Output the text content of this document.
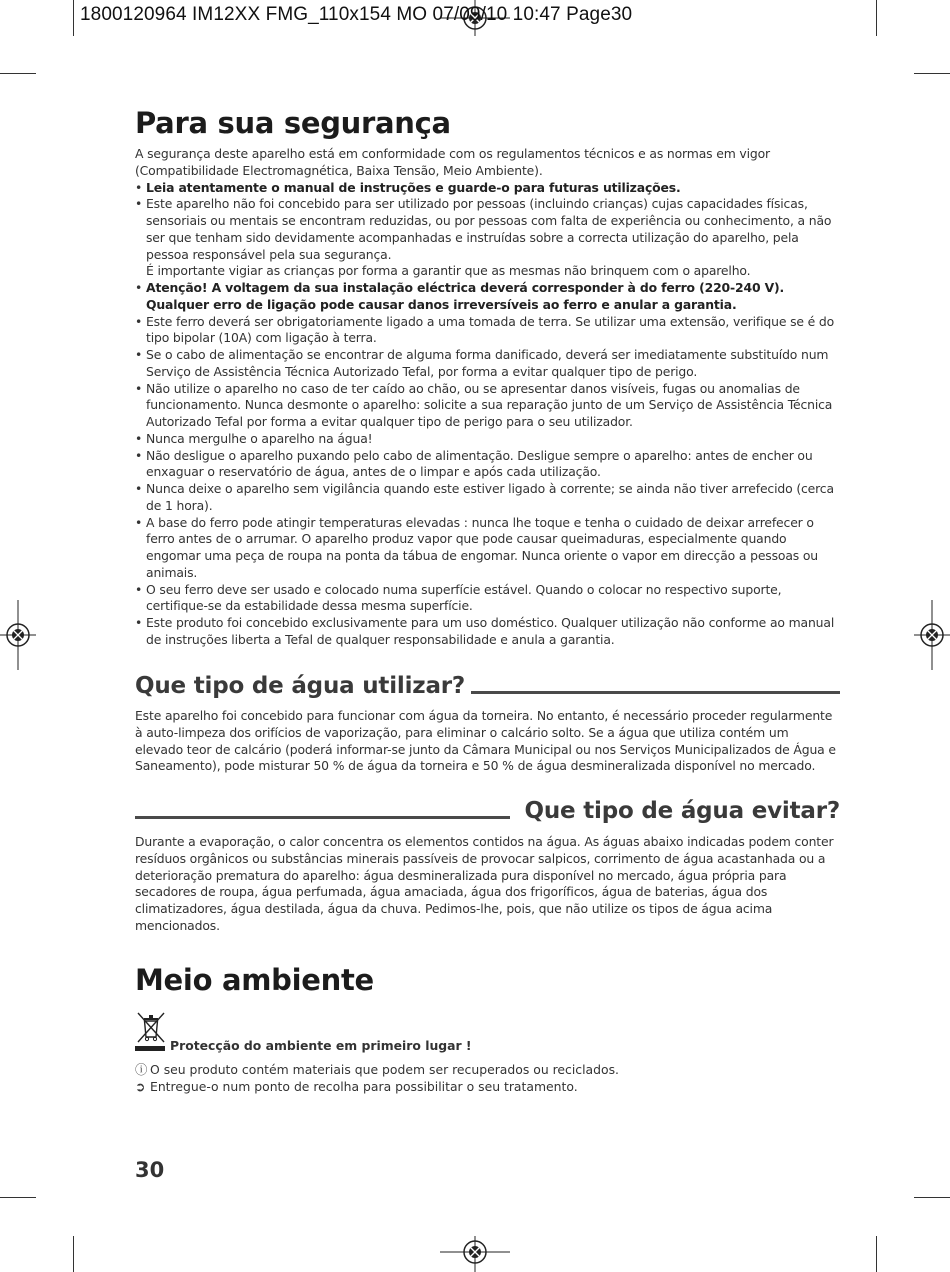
1800120964 IM12XX FMG_110x154 MO 07/09/10 10:47 Page30
Para sua segurança

A segurança deste aparelho está em conformidade com os regulamentos técnicos e as normas em vigor (Compatibilidade Electromagnética, Baixa Tensão, Meio Ambiente).

• Leia atentamente o manual de instruções e guarde-o para futuras utilizações.
• Este aparelho não foi concebido para ser utilizado por pessoas (incluindo crianças) cujas capacidades físicas, sensoriais ou mentais se encontram reduzidas, ou por pessoas com falta de experiência ou conhecimento, a não ser que tenham sido devidamente acompanhadas e instruídas sobre a correcta utilização do aparelho, pela pessoa responsável pela sua segurança.
É importante vigiar as crianças por forma a garantir que as mesmas não brinquem com o aparelho.
• Atenção! A voltagem da sua instalação eléctrica deverá corresponder à do ferro (220-240 V). Qualquer erro de ligação pode causar danos irreversíveis ao ferro e anular a garantia.
• Este ferro deverá ser obrigatoriamente ligado a uma tomada de terra. Se utilizar uma extensão, verifique se é do tipo bipolar (10A) com ligação à terra.
• Se o cabo de alimentação se encontrar de alguma forma danificado, deverá ser imediatamente substituído num Serviço de Assistência Técnica Autorizado Tefal, por forma a evitar qualquer tipo de perigo.
• Não utilize o aparelho no caso de ter caído ao chão, ou se apresentar danos visíveis, fugas ou anomalias de funcionamento. Nunca desmonte o aparelho: solicite a sua reparação junto de um Serviço de Assistência Técnica Autorizado Tefal por forma a evitar qualquer tipo de perigo para o seu utilizador.
• Nunca mergulhe o aparelho na água!
• Não desligue o aparelho puxando pelo cabo de alimentação. Desligue sempre o aparelho: antes de encher ou enxaguar o reservatório de água, antes de o limpar e após cada utilização.
• Nunca deixe o aparelho sem vigilância quando este estiver ligado à corrente; se ainda não tiver arrefecido (cerca de 1 hora).
• A base do ferro pode atingir temperaturas elevadas : nunca lhe toque e tenha o cuidado de deixar arrefecer o ferro antes de o arrumar. O aparelho produz vapor que pode causar queimaduras, especialmente quando engomar uma peça de roupa na ponta da tábua de engomar. Nunca oriente o vapor em direcção a pessoas ou animais.
• O seu ferro deve ser usado e colocado numa superfície estável. Quando o colocar no respectivo suporte, certifique-se da estabilidade dessa mesma superfície.
• Este produto foi concebido exclusivamente para um uso doméstico. Qualquer utilização não conforme ao manual de instruções liberta a Tefal de qualquer responsabilidade e anula a garantia.
Que tipo de água utilizar?

Este aparelho foi concebido para funcionar com água da torneira. No entanto, é necessário proceder regularmente à auto-limpeza dos orifícios de vaporização, para eliminar o calcário solto. Se a água que utiliza contém um elevado teor de calcário (poderá informar-se junto da Câmara Municipal ou nos Serviços Municipalizados de Água e Saneamento), pode misturar 50 % de água da torneira e 50 % de água desmineralizada disponível no mercado.

Que tipo de água evitar?

Durante a evaporação, o calor concentra os elementos contidos na água. As águas abaixo indicadas podem conter resíduos orgânicos ou substâncias minerais passíveis de provocar salpicos, corrimento de água acastanhada ou a deterioração prematura do aparelho: água desmineralizada pura disponível no mercado, água própria para secadores de roupa, água perfumada, água amaciada, água dos frigoríficos, água de baterias, água dos climatizadores, água destilada, água da chuva. Pedimos-lhe, pois, que não utilize os tipos de água acima mencionados.

Meio ambiente
Protecção do ambiente em primeiro lugar !
ⓘ O seu produto contém materiais que podem ser recuperados ou reciclados.
➲ Entregue-o num ponto de recolha para possibilitar o seu tratamento.
30
